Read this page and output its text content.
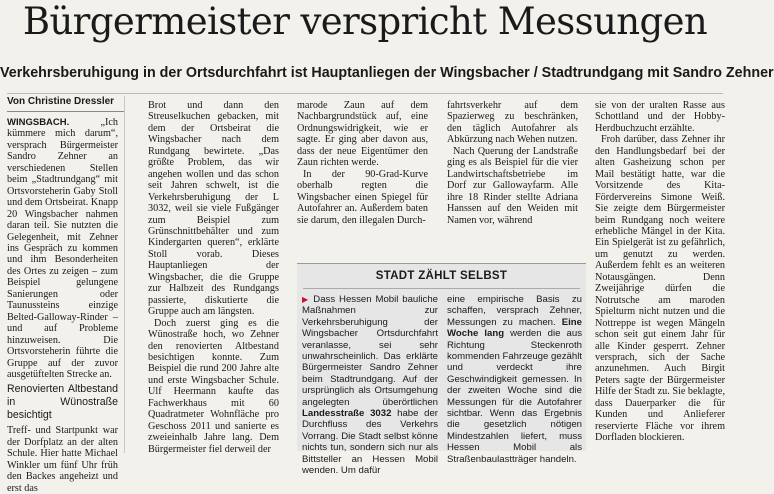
Bürgermeister verspricht Messungen
Verkehrsberuhigung in der Ortsdurchfahrt ist Hauptanliegen der Wingsbacher / Stadtrundgang mit Sandro Zehner
Von Christine Dressler

WINGSBACH.	„Ich kümmere mich darum“, versprach Bürgermeister Sandro Zehner an verschiedenen Stellen beim „Stadtrundgang“ mit Ortsvorsteherin Gaby Stoll und dem Ortsbeirat. Knapp 20 Wingsbacher nahmen daran teil. Sie nutzten die Gelegenheit, mit Zehner ins Gespräch zu kommen und ihm Besonderheiten des Ortes zu zeigen – zum Beispiel gelungene Sanierungen oder Taunussteins einzige Belted-Galloway-Rinder – und auf Probleme hinzuweisen. Die Ortsvorsteherin führte die Gruppe auf der zuvor ausgetüftelten Strecke an.

Renovierten Altbestand in Wünostraße besichtigt

Treff- und Startpunkt war der Dorfplatz an der alten Schule. Hier hatte Michael Winkler um fünf Uhr früh den Backes angeheizt und erst das

Brot und dann den Streuselkuchen gebacken, mit dem der Ortsbeirat die Wingsbacher nach dem Rundgang bewirtete. „Das größte Problem, das wir angehen wollen und das schon seit Jahren schwelt, ist die Verkehrsberuhigung der L 3032, weil sie viele Fußgänger zum Beispiel zum Grünschnittbehälter und zum Kindergarten queren“, erklärte Stoll vorab. Dieses Hauptanliegen der Wingsbacher, die die Gruppe zur Halbzeit des Rundgangs passierte, diskutierte die Gruppe auch am längsten.

Doch zuerst ging es die Wünostraße hoch, wo Zehner den renovierten Altbestand besichtigen konnte. Zum Beispiel die rund 200 Jahre alte und erste Wingsbacher Schule. Ulf Heermann kaufte das Fachwerkhaus mit 60 Quadratmeter Wohnfläche pro Geschoss 2011 und sanierte es zweieinhalb Jahre lang. Dem Bürgermeister fiel derweil der

marode Zaun auf dem Nachbargrundstück auf, eine Ordnungswidrigkeit, wie er sagte. Er ging aber davon aus, dass der neue Eigentümer den Zaun richten werde.

In der 90-Grad-Kurve oberhalb regten die Wingsbacher einen Spiegel für Autofahrer an. Außerdem baten sie darum, den illegalen Durch-

fahrtsverkehr auf dem Spazierweg zu beschränken, den täglich Autofahrer als Abkürzung nach Wehen nutzen.

Nach Querung der Landstraße ging es als Beispiel für die vier Landwirtschaftsbetriebe im Dorf zur Gallowayfarm. Alle ihre 18 Rinder stellte Adriana Hanssen auf den Weiden mit Namen vor, während

sie von der uralten Rasse aus Schottland und der Hobby-Herdbuchzucht erzählte.

Froh darüber, dass Zehner ihr den Handlungsbedarf bei der alten Gasheizung schon per Mail bestätigt hatte, war die Vorsitzende des Kita-Fördervereins Simone Weiß. Sie zeigte dem Bürgermeister beim Rundgang noch weitere erhebliche Mängel in der Kita. Ein Spielgerät ist zu gefährlich, um genutzt zu werden. Außerdem fehlt es an weiteren Notausgängen. Denn Zweijährige dürfen die Notrutsche am maroden Spielturm nicht nutzen und die Nottreppe ist wegen Mängeln schon seit gut einem Jahr für alle Kinder gesperrt. Zehner versprach, sich der Sache anzunehmen. Auch Birgit Peters sagte der Bürgermeister Hilfe der Stadt zu. Sie beklagte, dass Dauerparker die für Kunden und Anlieferer reservierte Fläche vor ihrem Dorfladen blockieren.

STADT ZÄHLT SELBST
▶ Dass Hessen Mobil bauliche Maßnahmen zur Verkehrsberuhigung der Wingsbacher Ortsdurchfahrt veranlasse, sei sehr unwahrscheinlich. Das erklärte Bürgermeister Sandro Zehner beim Stadtrundgang. Auf der ursprünglich als Ortsumgehung angelegten überörtlichen Landesstraße 3032 habe der Durchfluss des Verkehrs Vorrang. Die Stadt selbst könne nichts tun, sondern sich nur als Bittsteller an Hessen Mobil wenden. Um dafür
eine empirische Basis zu schaffen, versprach Zehner, Messungen zu machen. Eine Woche lang werden die aus Richtung Steckenroth kommenden Fahrzeuge gezählt und verdeckt ihre Geschwindigkeit gemessen. In der zweiten Woche sind die Messungen für die Autofahrer sichtbar. Wenn das Ergebnis die gesetzlich nötigen Mindestzahlen liefert, muss Hessen Mobil als Straßenbaulastträger handeln.
